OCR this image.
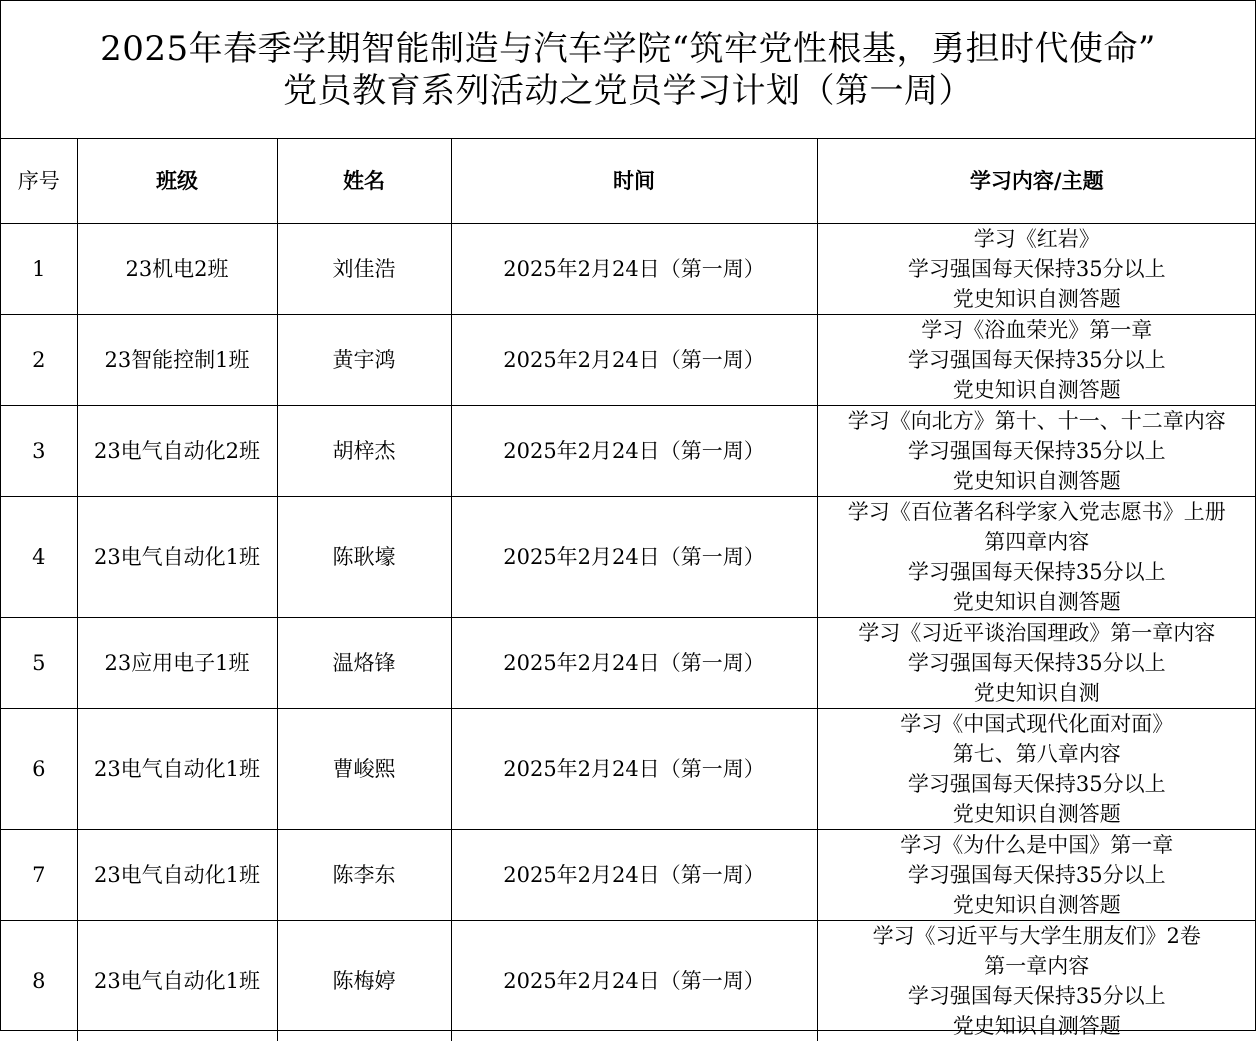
2025年春季学期智能制造与汽车学院“筑牢党性根基，勇担时代使命”
党员教育系列活动之党员学习计划（第一周）
序号	班级	姓名	时间	学习内容/主题
1	23机电2班	刘佳浩	2025年2月24日（第一周）	学习《红岩》
学习强国每天保持35分以上
党史知识自测答题

2	23智能控制1班	黄宇鸿	2025年2月24日（第一周）	学习《浴血荣光》第一章
学习强国每天保持35分以上
党史知识自测答题

3	23电气自动化2班	胡梓杰	2025年2月24日（第一周）	学习《向北方》第十、十一、十二章内容
学习强国每天保持35分以上
党史知识自测答题

4	23电气自动化1班	陈耿壕	2025年2月24日（第一周）	学习《百位著名科学家入党志愿书》上册
第四章内容
学习强国每天保持35分以上
党史知识自测答题

5	23应用电子1班	温烙锋	2025年2月24日（第一周）	学习《习近平谈治国理政》第一章内容
学习强国每天保持35分以上
党史知识自测

6	23电气自动化1班	曹峻熙	2025年2月24日（第一周）	学习《中国式现代化面对面》
第七、第八章内容
学习强国每天保持35分以上
党史知识自测答题

7	23电气自动化1班	陈李东	2025年2月24日（第一周）	学习《为什么是中国》第一章
学习强国每天保持35分以上
党史知识自测答题

8	23电气自动化1班	陈梅婷	2025年2月24日（第一周）	学习《习近平与大学生朋友们》2卷
第一章内容
学习强国每天保持35分以上
党史知识自测答题
